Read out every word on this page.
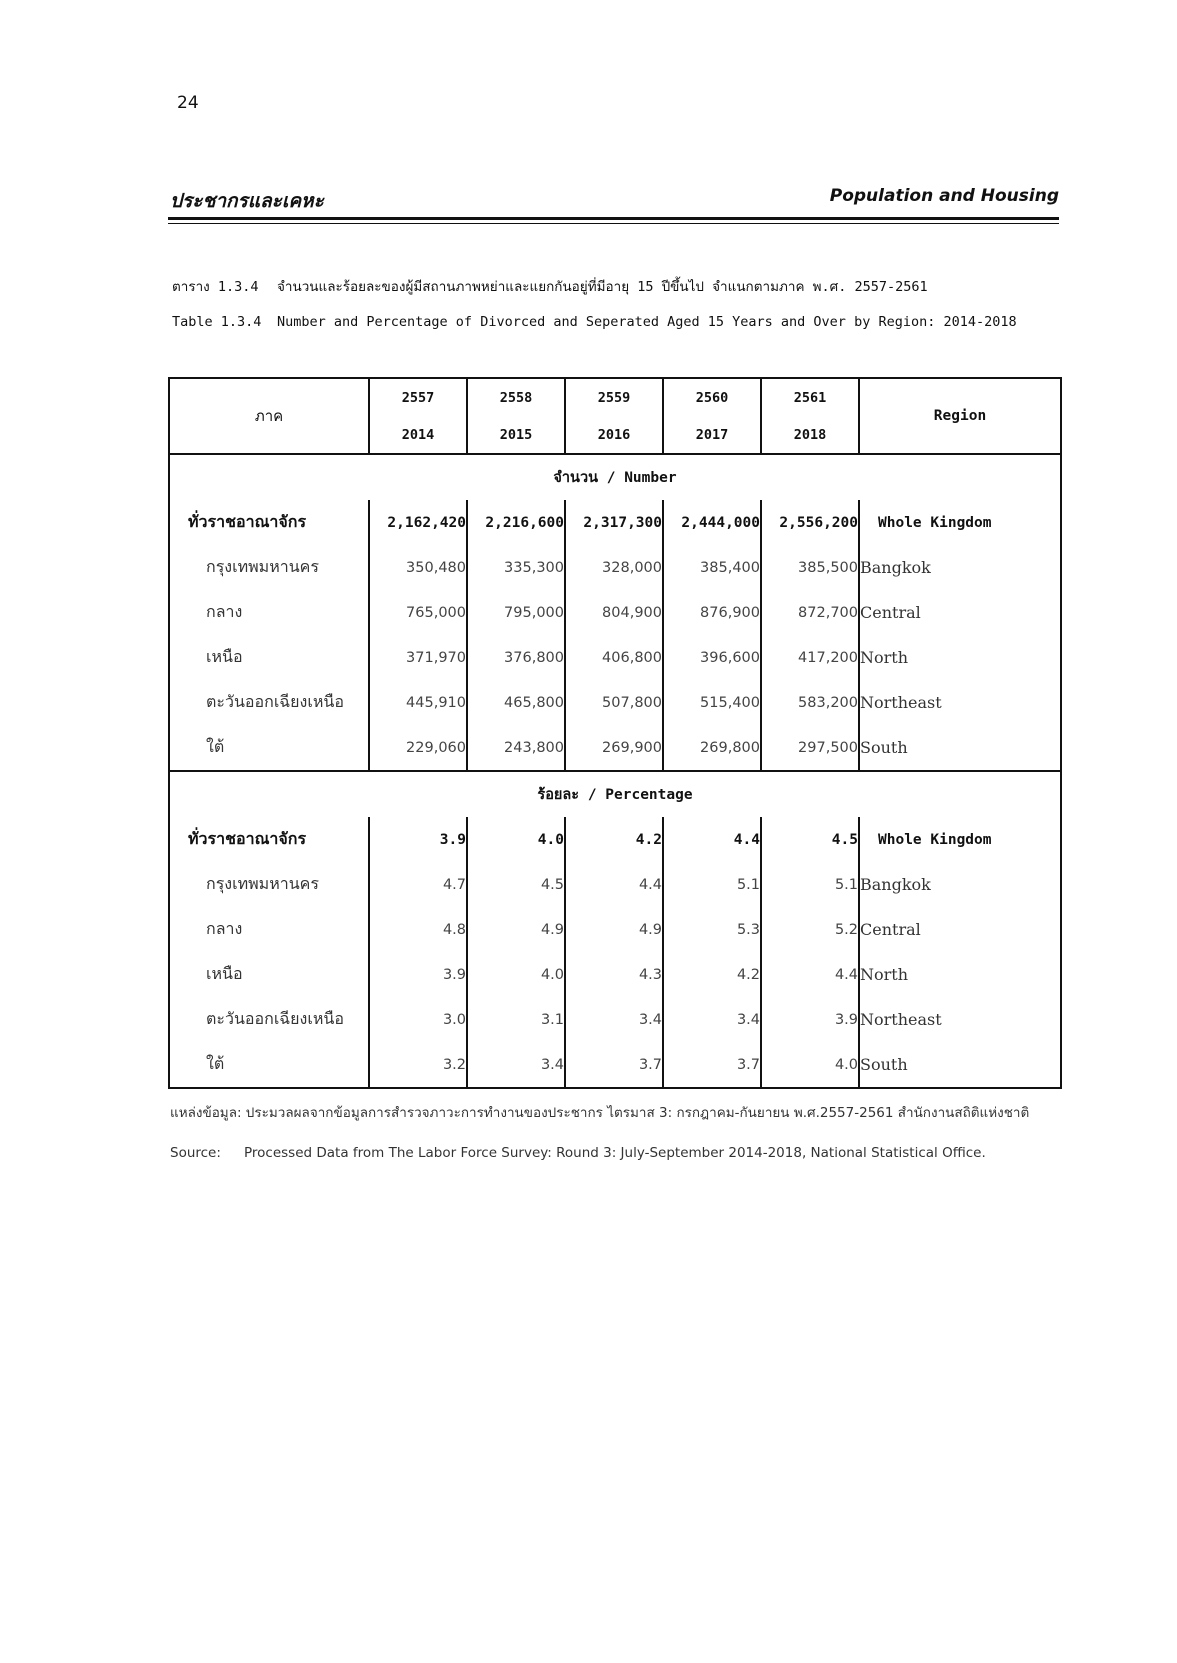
24
ประชากรและเคหะ	Population and Housing
ตาราง 1.3.4 จำนวนและร้อยละของผู้มีสถานภาพหย่าและแยกกันอยู่ที่มีอายุ 15 ปีขึ้นไป จำแนกตามภาค พ.ศ. 2557-2561
Table 1.3.4 Number and Percentage of Divorced and Seperated Aged 15 Years and Over by Region: 2014-2018
ภาค	2557	2558	2559	2560	2561	Region
	2014	2015	2016	2017	2018	
จำนวน / Number						
ทั่วราชอาณาจักร	2,162,420	2,216,600	2,317,300	2,444,000	2,556,200	Whole Kingdom
กรุงเทพมหานคร	350,480	335,300	328,000	385,400	385,500	Bangkok
กลาง	765,000	795,000	804,900	876,900	872,700	Central
เหนือ	371,970	376,800	406,800	396,600	417,200	North
ตะวันออกเฉียงเหนือ	445,910	465,800	507,800	515,400	583,200	Northeast
ใต้	229,060	243,800	269,900	269,800	297,500	South
ร้อยละ / Percentage						
ทั่วราชอาณาจักร	3.9	4.0	4.2	4.4	4.5	Whole Kingdom
กรุงเทพมหานคร	4.7	4.5	4.4	5.1	5.1	Bangkok
กลาง	4.8	4.9	4.9	5.3	5.2	Central
เหนือ	3.9	4.0	4.3	4.2	4.4	North
ตะวันออกเฉียงเหนือ	3.0	3.1	3.4	3.4	3.9	Northeast
ใต้	3.2	3.4	3.7	3.7	4.0	South
แหล่งข้อมูล: ประมวลผลจากข้อมูลการสำรวจภาวะการทำงานของประชากร ไตรมาส 3: กรกฎาคม-กันยายน พ.ศ.2557-2561 สำนักงานสถิติแห่งชาติ
Source: Processed Data from The Labor Force Survey: Round 3: July-September 2014-2018, National Statistical Office.
